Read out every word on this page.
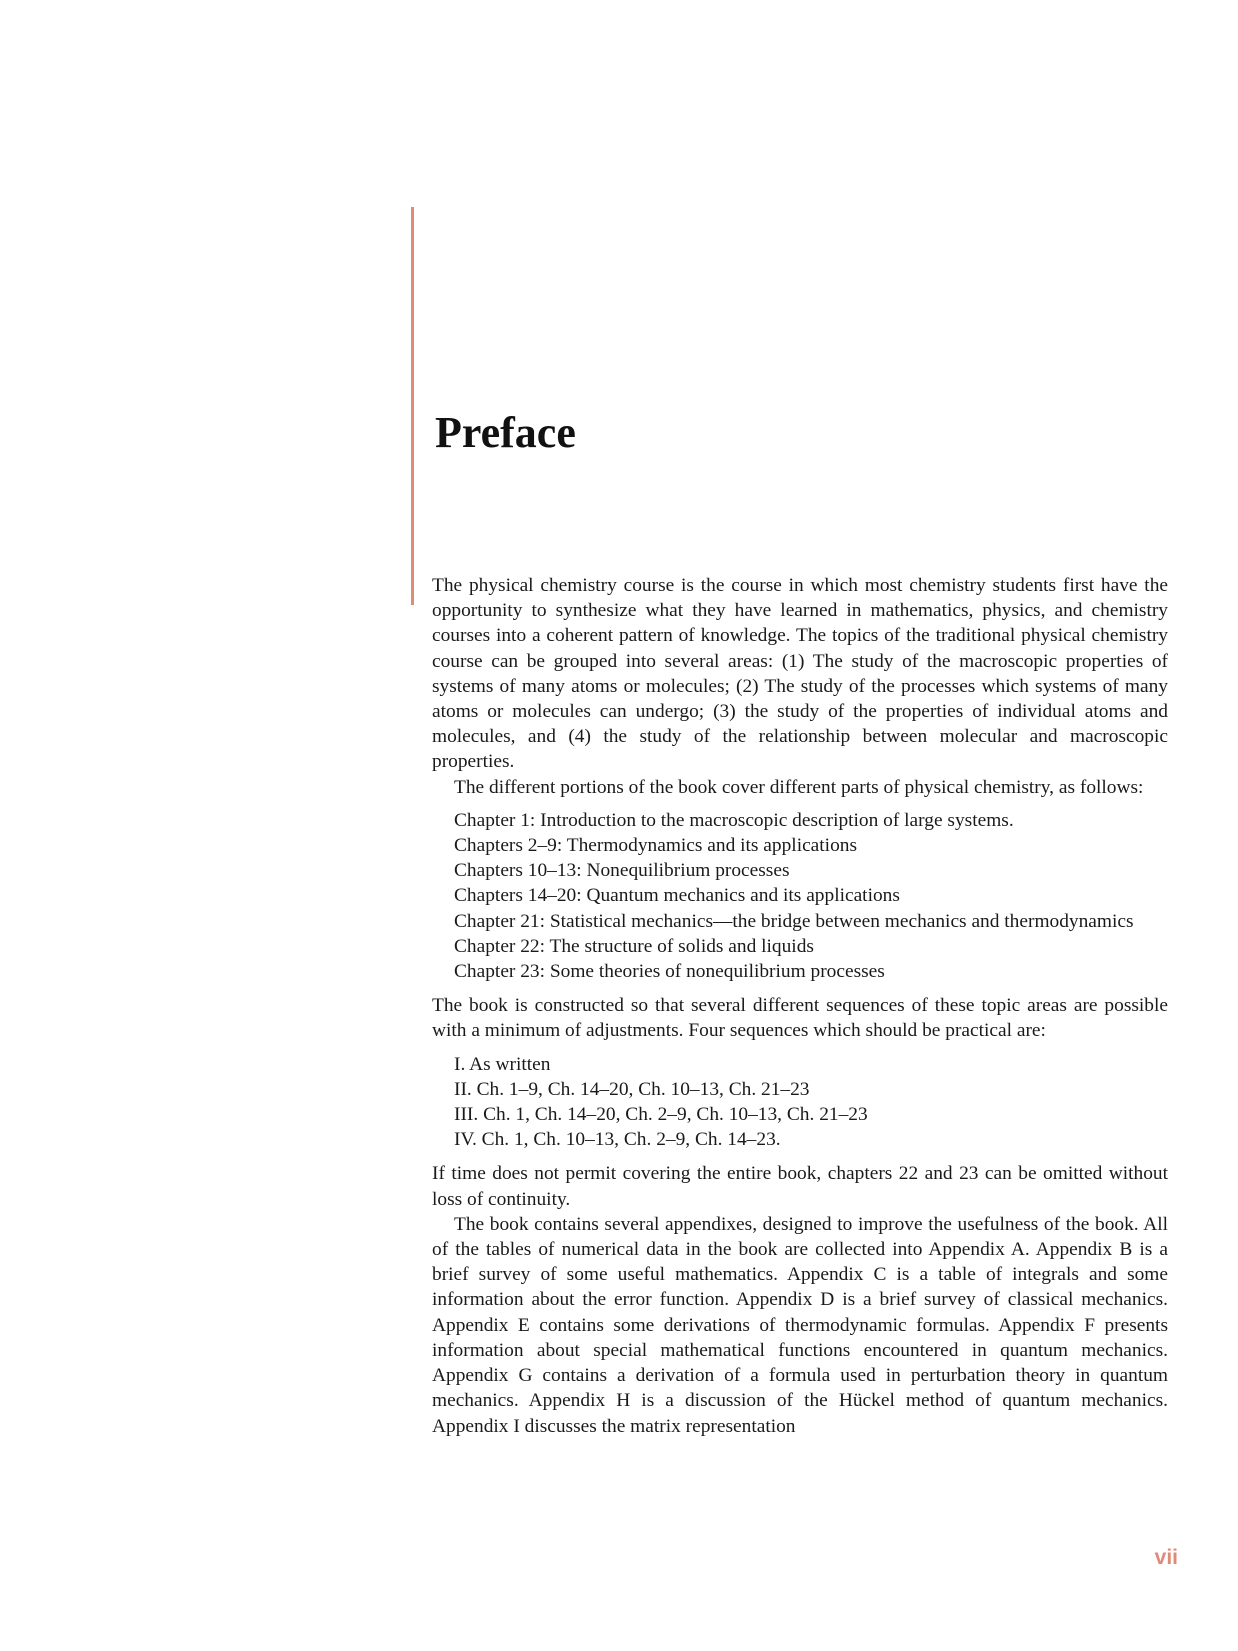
Preface

The physical chemistry course is the course in which most chemistry students first have the opportunity to synthesize what they have learned in mathematics, physics, and chemistry courses into a coherent pattern of knowledge. The topics of the traditional physical chemistry course can be grouped into several areas: (1) The study of the macroscopic properties of systems of many atoms or molecules; (2) The study of the processes which systems of many atoms or molecules can undergo; (3) the study of the properties of individual atoms and molecules, and (4) the study of the relationship between molecular and macroscopic properties.

The different portions of the book cover different parts of physical chemistry, as follows:

Chapter 1: Introduction to the macroscopic description of large systems.
Chapters 2–9: Thermodynamics and its applications
Chapters 10–13: Nonequilibrium processes
Chapters 14–20: Quantum mechanics and its applications
Chapter 21: Statistical mechanics—the bridge between mechanics and thermodynamics
Chapter 22: The structure of solids and liquids
Chapter 23: Some theories of nonequilibrium processes

The book is constructed so that several different sequences of these topic areas are possible with a minimum of adjustments. Four sequences which should be practical are:

I. As written
II. Ch. 1–9, Ch. 14–20, Ch. 10–13, Ch. 21–23
III. Ch. 1, Ch. 14–20, Ch. 2–9, Ch. 10–13, Ch. 21–23
IV. Ch. 1, Ch. 10–13, Ch. 2–9, Ch. 14–23.

If time does not permit covering the entire book, chapters 22 and 23 can be omitted without loss of continuity.

The book contains several appendixes, designed to improve the usefulness of the book. All of the tables of numerical data in the book are collected into Appendix A. Appendix B is a brief survey of some useful mathematics. Appendix C is a table of integrals and some information about the error function. Appendix D is a brief survey of classical mechanics. Appendix E contains some derivations of thermodynamic formulas. Appendix F presents information about special mathematical functions encountered in quantum mechanics. Appendix G contains a derivation of a formula used in perturbation theory in quantum mechanics. Appendix H is a discussion of the Hückel method of quantum mechanics. Appendix I discusses the matrix representation

vii
